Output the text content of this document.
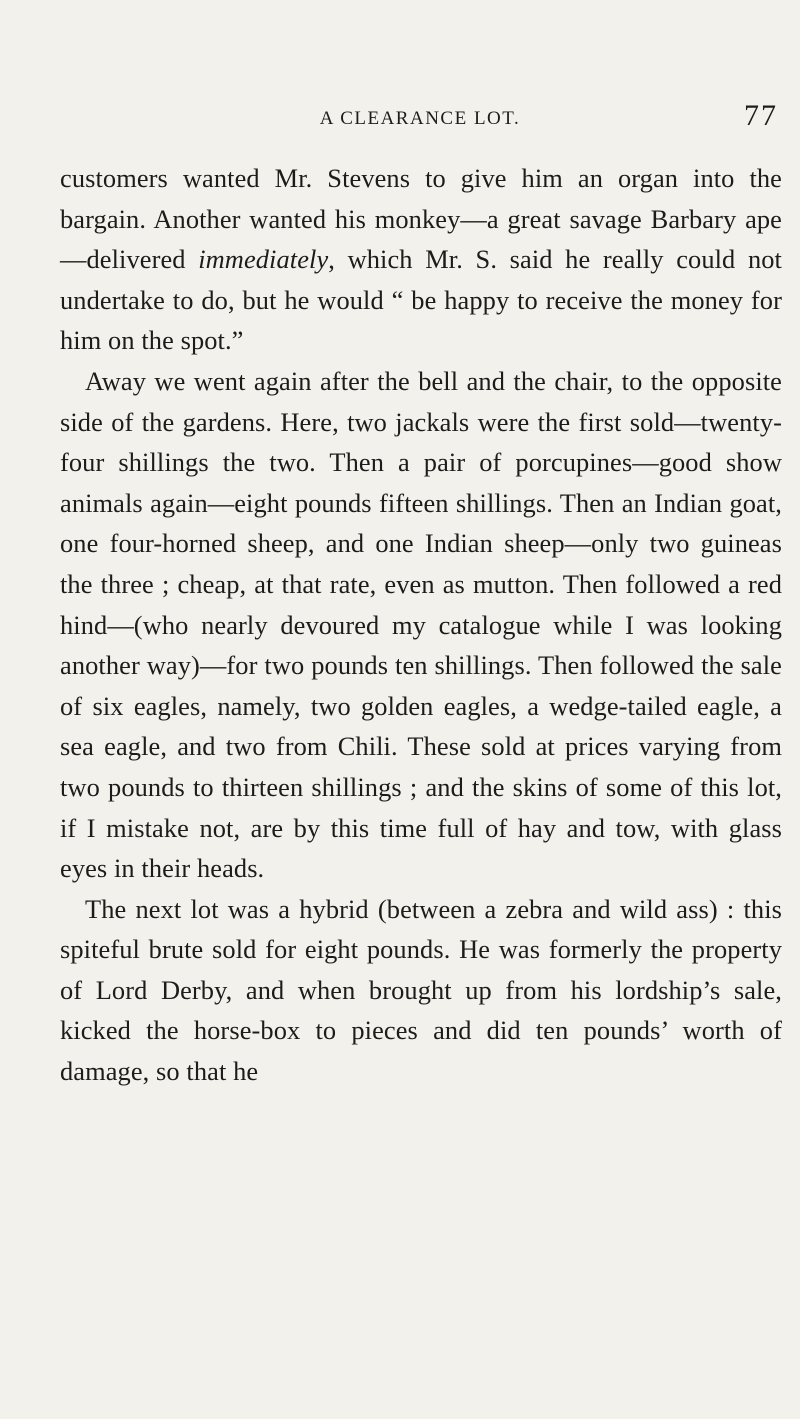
A CLEARANCE LOT.	77

customers wanted Mr. Stevens to give him an organ into the bargain. Another wanted his monkey—a great savage Barbary ape—delivered immediately, which Mr. S. said he really could not undertake to do, but he would “ be happy to receive the money for him on the spot.”

Away we went again after the bell and the chair, to the opposite side of the gardens. Here, two jackals were the first sold—twenty-four shillings the two. Then a pair of porcupines—good show animals again—eight pounds fifteen shillings. Then an Indian goat, one four-horned sheep, and one Indian sheep—only two guineas the three ; cheap, at that rate, even as mutton. Then followed a red hind—(who nearly devoured my catalogue while I was looking another way)—for two pounds ten shillings. Then followed the sale of six eagles, namely, two golden eagles, a wedge-tailed eagle, a sea eagle, and two from Chili. These sold at prices varying from two pounds to thirteen shillings ; and the skins of some of this lot, if I mistake not, are by this time full of hay and tow, with glass eyes in their heads.

The next lot was a hybrid (between a zebra and wild ass) : this spiteful brute sold for eight pounds. He was formerly the property of Lord Derby, and when brought up from his lordship’s sale, kicked the horse-box to pieces and did ten pounds’ worth of damage, so that he
